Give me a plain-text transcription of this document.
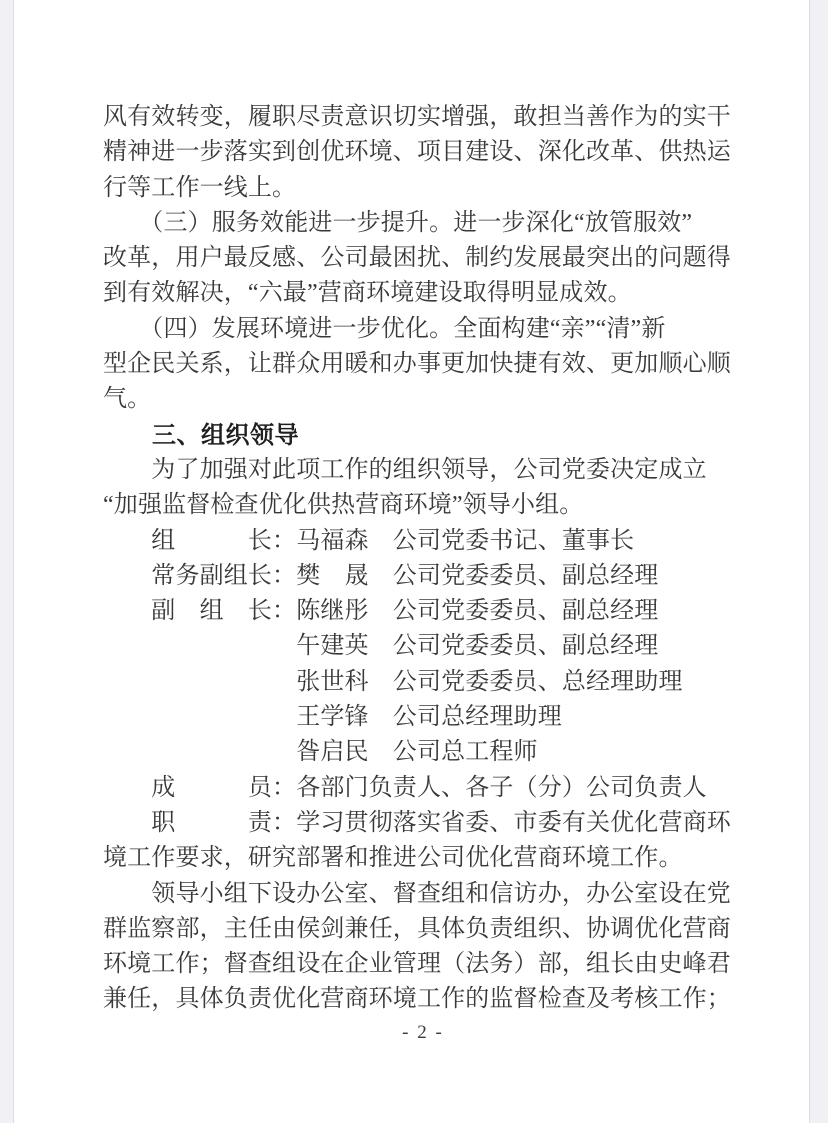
风有效转变，履职尽责意识切实增强，敢担当善作为的实干
精神进一步落实到创优环境、项目建设、深化改革、供热运
行等工作一线上。
　　（三）服务效能进一步提升。进一步深化“放管服效”
改革，用户最反感、公司最困扰、制约发展最突出的问题得
到有效解决，“六最”营商环境建设取得明显成效。
　　（四）发展环境进一步优化。全面构建“亲”“清”新
型企民关系，让群众用暖和办事更加快捷有效、更加顺心顺
气。
　　三、组织领导
　　为了加强对此项工作的组织领导，公司党委决定成立
“加强监督检查优化供热营商环境”领导小组。
　　组　　　长：马福森　公司党委书记、董事长
　　常务副组长：樊　晟　公司党委委员、副总经理
　　副　组　长：陈继彤　公司党委委员、副总经理
　　　　　　　　午建英　公司党委委员、副总经理
　　　　　　　　张世科　公司党委委员、总经理助理
　　　　　　　　王学锋　公司总经理助理
　　　　　　　　昝启民　公司总工程师
　　成　　　员：各部门负责人、各子（分）公司负责人
　　职　　　责：学习贯彻落实省委、市委有关优化营商环
境工作要求，研究部署和推进公司优化营商环境工作。
　　领导小组下设办公室、督查组和信访办，办公室设在党
群监察部，主任由侯剑兼任，具体负责组织、协调优化营商
环境工作；督查组设在企业管理（法务）部，组长由史峰君
兼任，具体负责优化营商环境工作的监督检查及考核工作；
- 2 -
